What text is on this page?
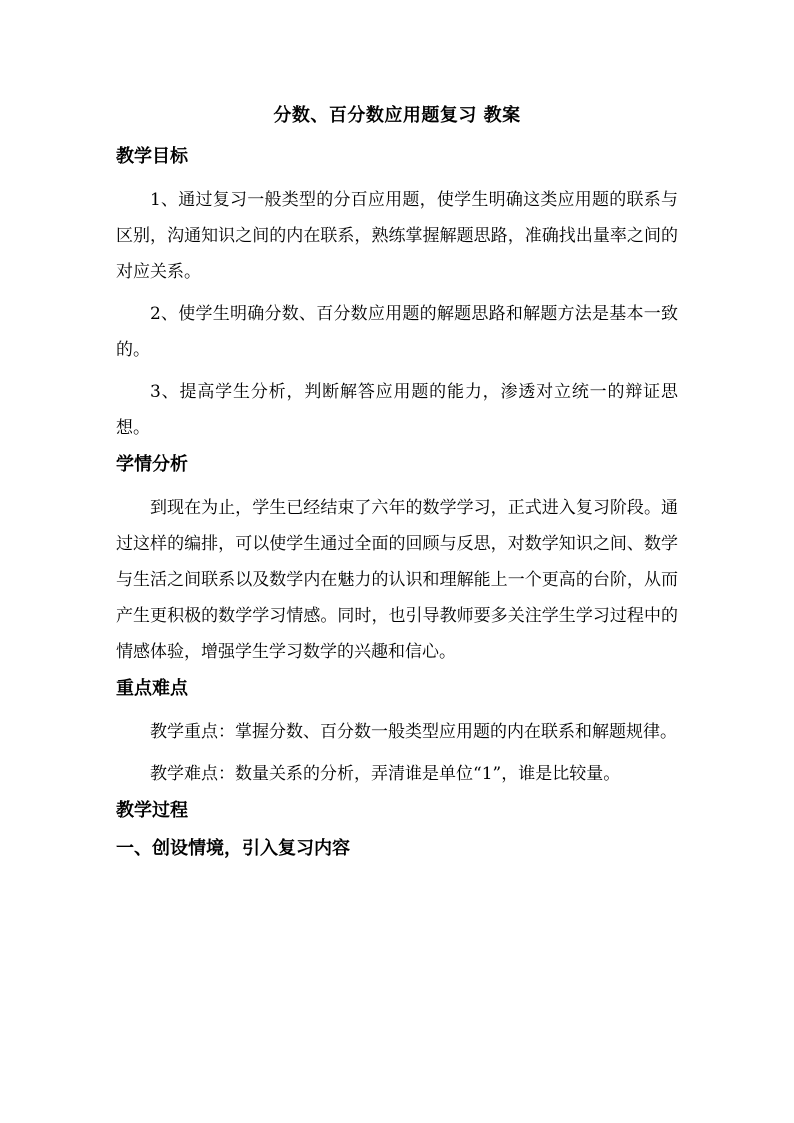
分数、百分数应用题复习 教案
教学目标

1、通过复习一般类型的分百应用题，使学生明确这类应用题的联系与区别，沟通知识之间的内在联系，熟练掌握解题思路，准确找出量率之间的对应关系。

2、使学生明确分数、百分数应用题的解题思路和解题方法是基本一致的。

3、提高学生分析，判断解答应用题的能力，渗透对立统一的辩证思想。

学情分析

到现在为止，学生已经结束了六年的数学学习，正式进入复习阶段。通过这样的编排，可以使学生通过全面的回顾与反思，对数学知识之间、数学与生活之间联系以及数学内在魅力的认识和理解能上一个更高的台阶，从而产生更积极的数学学习情感。同时，也引导教师要多关注学生学习过程中的情感体验，增强学生学习数学的兴趣和信心。

重点难点

教学重点：掌握分数、百分数一般类型应用题的内在联系和解题规律。

教学难点：数量关系的分析，弄清谁是单位“1”，谁是比较量。

教学过程
一、创设情境，引入复习内容
